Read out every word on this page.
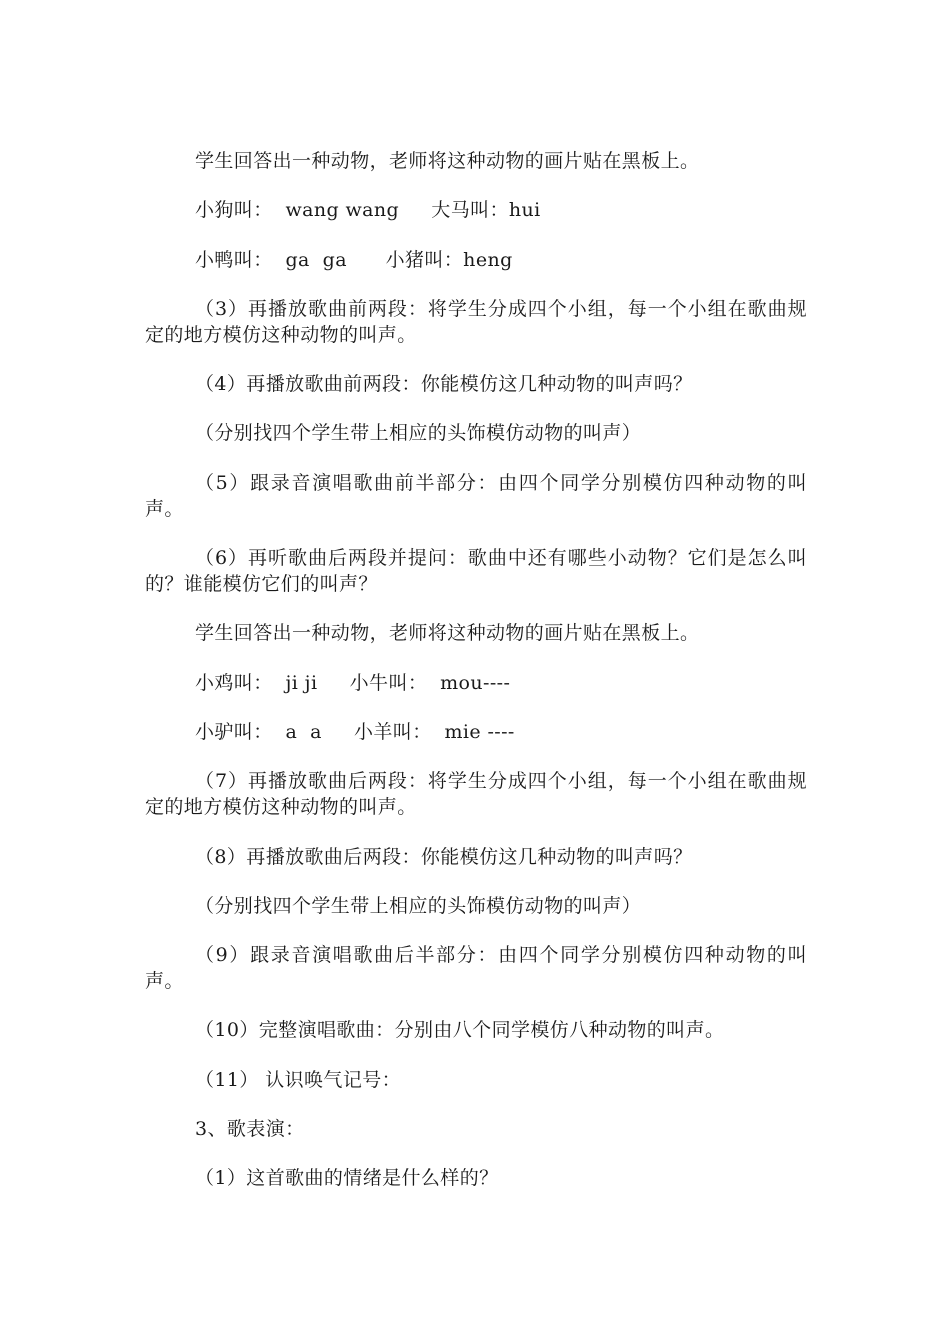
学生回答出一种动物，老师将这种动物的画片贴在黑板上。

小狗叫：  wang wang     大马叫：hui

小鸭叫：  ga  ga      小猪叫：heng

（3）再播放歌曲前两段：将学生分成四个小组，每一个小组在歌曲规定的地方模仿这种动物的叫声。

（4）再播放歌曲前两段：你能模仿这几种动物的叫声吗？

（分别找四个学生带上相应的头饰模仿动物的叫声）

（5）跟录音演唱歌曲前半部分：由四个同学分别模仿四种动物的叫声。

（6）再听歌曲后两段并提问：歌曲中还有哪些小动物？它们是怎么叫的？谁能模仿它们的叫声？

学生回答出一种动物，老师将这种动物的画片贴在黑板上。

小鸡叫：  ji ji     小牛叫：  mou----

小驴叫：  a  a     小羊叫：  mie ----

（7）再播放歌曲后两段：将学生分成四个小组，每一个小组在歌曲规定的地方模仿这种动物的叫声。

（8）再播放歌曲后两段：你能模仿这几种动物的叫声吗？

（分别找四个学生带上相应的头饰模仿动物的叫声）

（9）跟录音演唱歌曲后半部分：由四个同学分别模仿四种动物的叫声。

（10）完整演唱歌曲：分别由八个同学模仿八种动物的叫声。

（11） 认识唤气记号：

3、歌表演：

（1）这首歌曲的情绪是什么样的？
